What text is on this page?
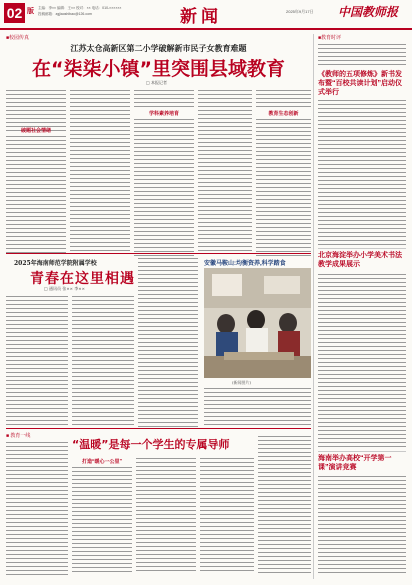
02 版 主编：李×× 编辑：王×× 校对：×× 电话：010-××××××
投稿邮箱：zgjiaoshibao@126.com	新闻	2025年9月17日 中国教师报
■校园传真
江苏太仓高新区第二小学破解新市民子女教育难题
在“柒柒小镇”里突围县域教育
□ 本报记者
破题社会情绪
学科素养培育	教育生态创新
2025年海南师范学院附属学校
青春在这里相遇
□ 通讯员 张×× 李××
安徽马鞍山:均衡资养,科学踏食
(新闻图片)
■ 教育一线
“温暖”是每一个学生的专属导师
打造“暖心一公里”
■教育时评
《教师的五项修炼》新书发布暨“百校共读计划”启动仪式举行
北京海淀举办小学美术书法教学成果展示
海南举办高校“开学第一课”演讲竞赛
